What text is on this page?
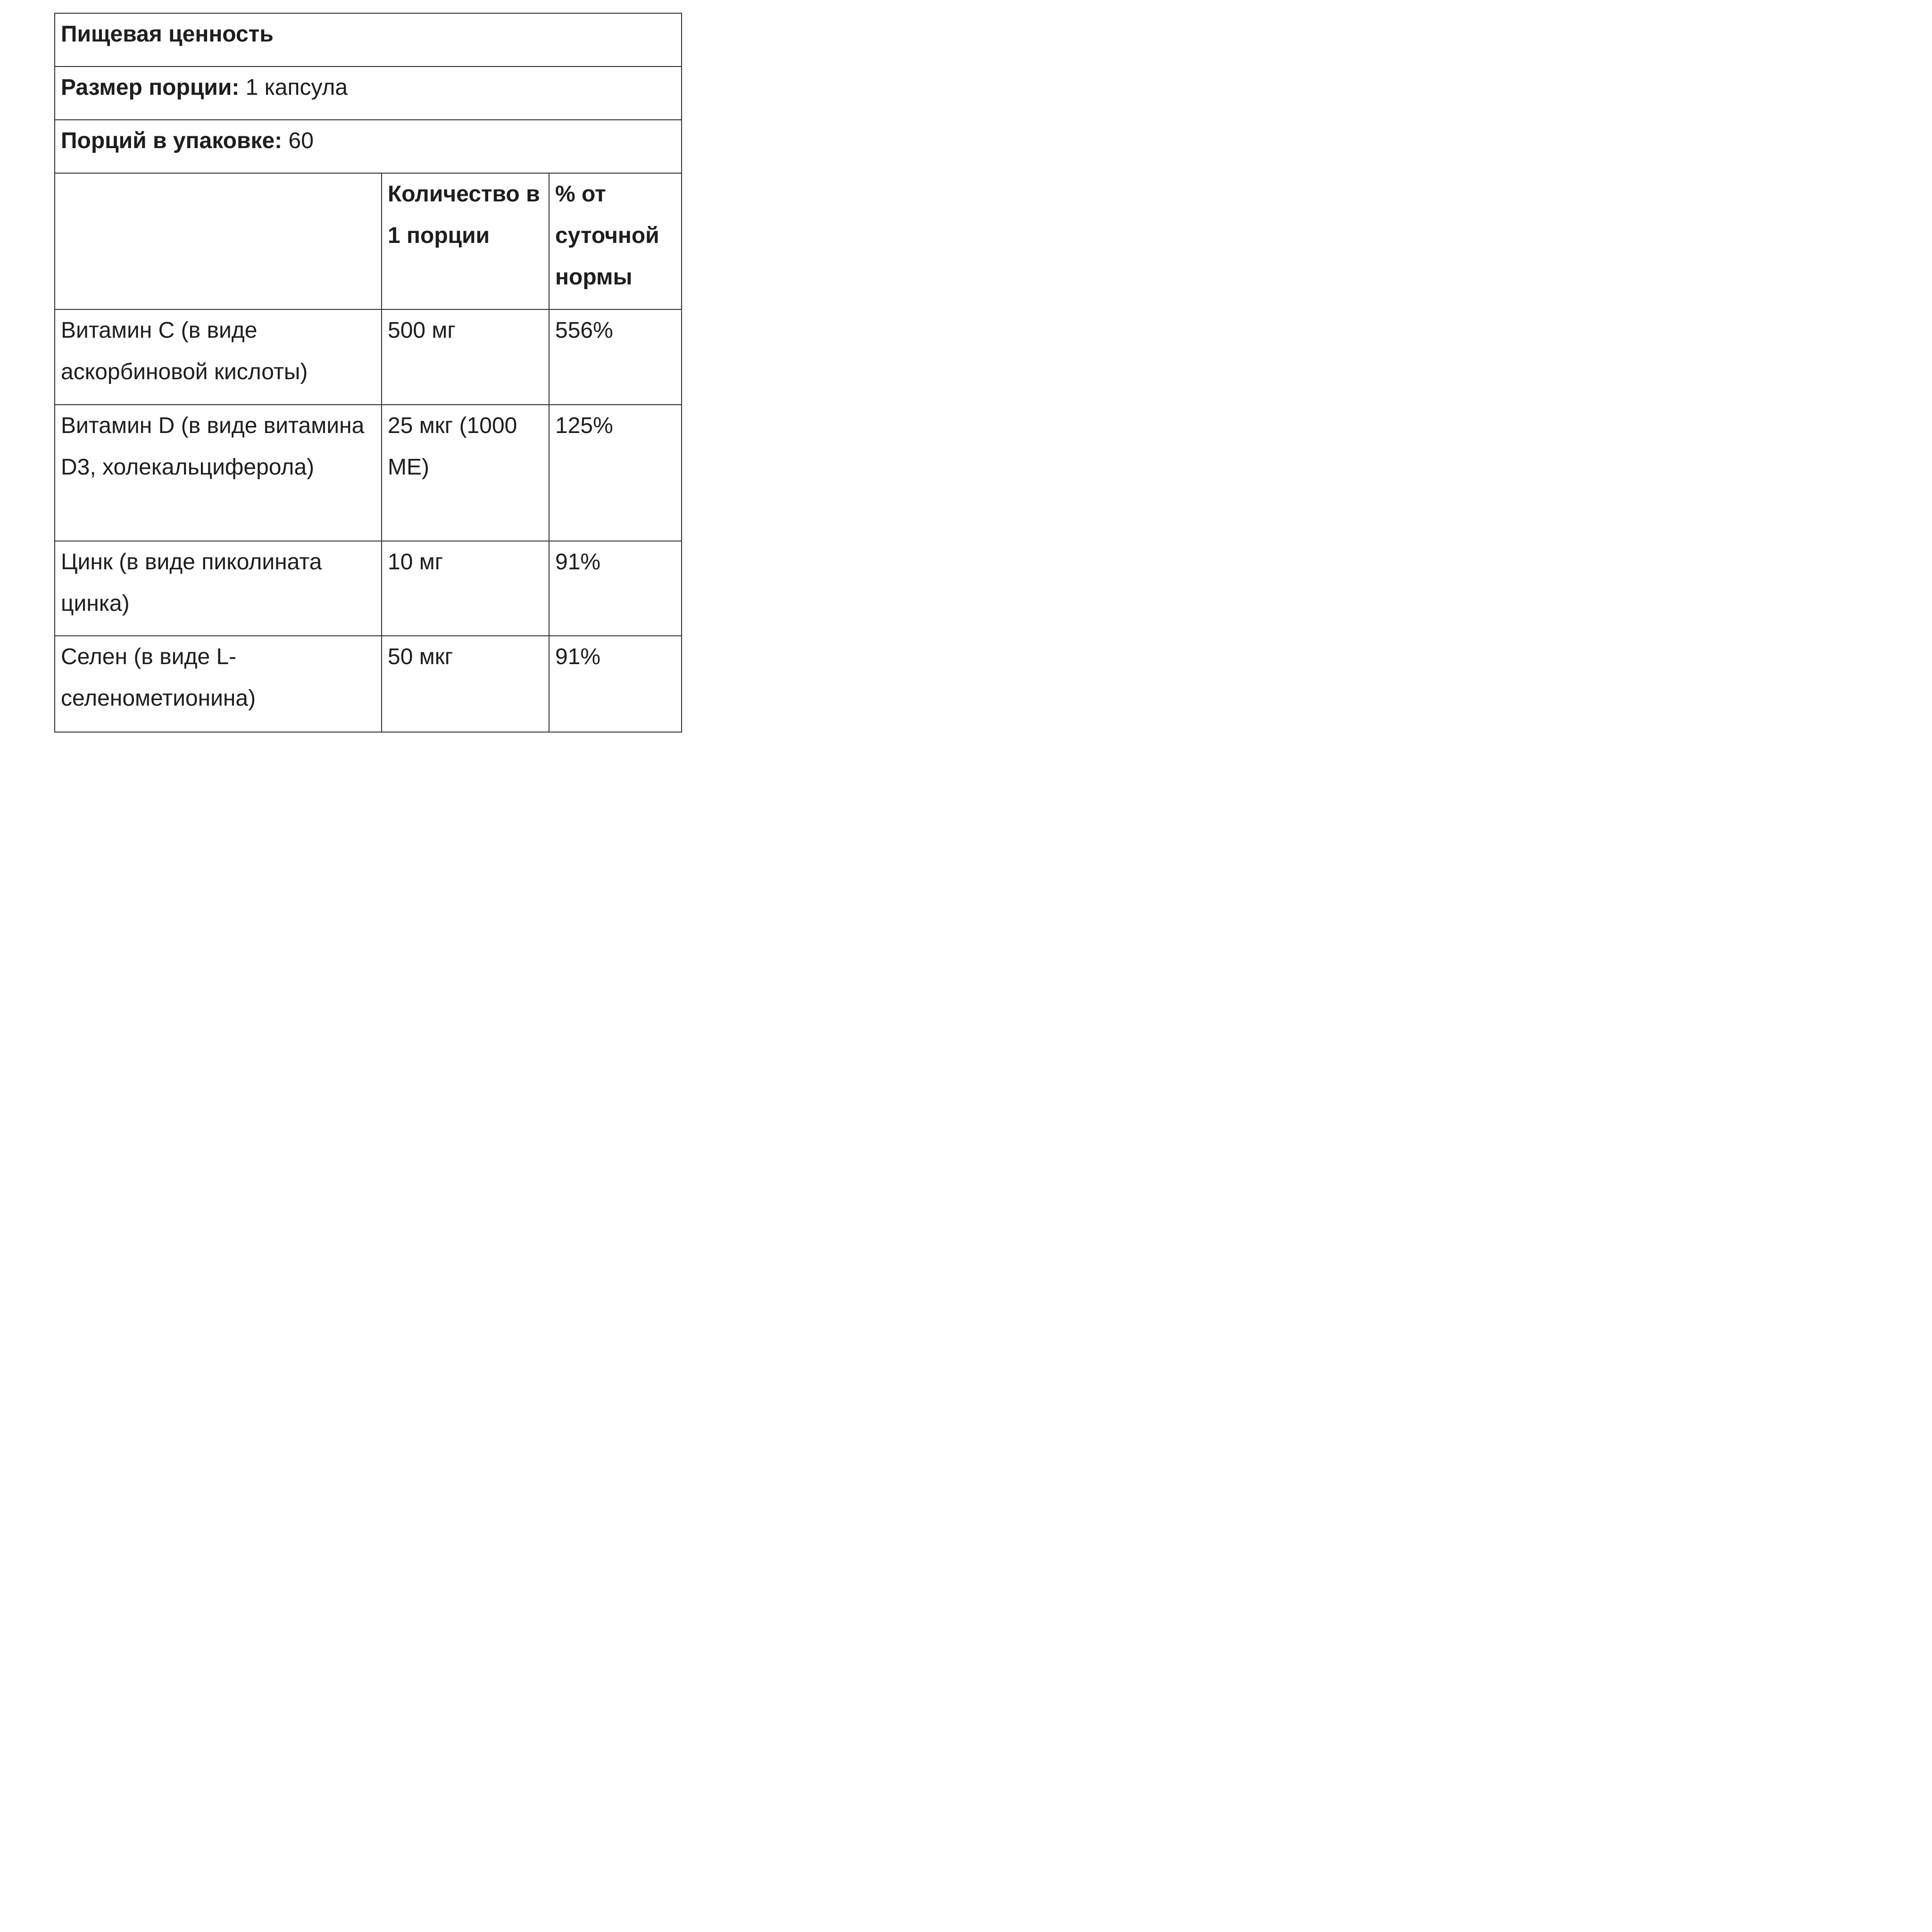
Пищевая ценность		
Размер порции: 1 капсула		
Порций в упаковке: 60		
	Количество в 1 порции	% от суточной нормы
Витамин C (в виде аскорбиновой кислоты)	500 мг	556%
Витамин D (в виде витамина D3, холекальциферола)	25 мкг (1000 МЕ)	125%
Цинк (в виде пиколината цинка)	10 мг	91%
Селен (в виде L-селенометионина)	50 мкг	91%
